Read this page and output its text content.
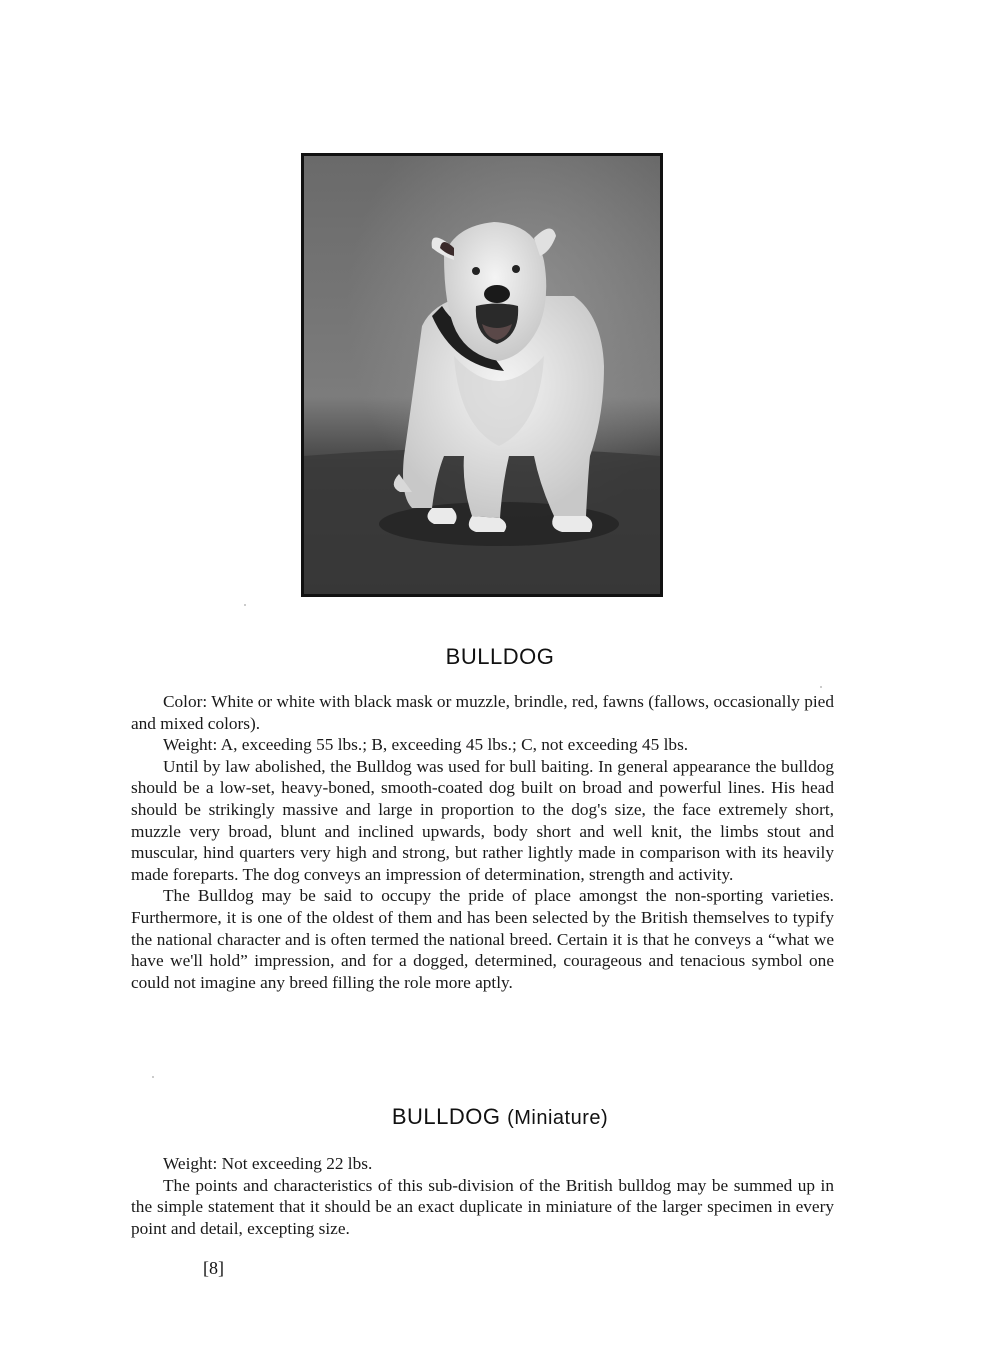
BULLDOG

Color: White or white with black mask or muzzle, brindle, red, fawns (fallows, occasionally pied and mixed colors).

Weight: A, exceeding 55 lbs.; B, exceeding 45 lbs.; C, not exceeding 45 lbs.

Until by law abolished, the Bulldog was used for bull baiting. In general appearance the bulldog should be a low-set, heavy-boned, smooth-coated dog built on broad and powerful lines. His head should be strikingly massive and large in proportion to the dog's size, the face extremely short, muzzle very broad, blunt and inclined upwards, body short and well knit, the limbs stout and muscular, hind quarters very high and strong, but rather lightly made in comparison with its heavily made foreparts. The dog conveys an impression of determination, strength and activity.

The Bulldog may be said to occupy the pride of place amongst the non-sporting varieties. Furthermore, it is one of the oldest of them and has been selected by the British themselves to typify the national character and is often termed the national breed. Certain it is that he conveys a “what we have we'll hold” impression, and for a dogged, determined, courageous and tenacious symbol one could not imagine any breed filling the role more aptly.

BULLDOG (Miniature)

Weight: Not exceeding 22 lbs.

The points and characteristics of this sub-division of the British bulldog may be summed up in the simple statement that it should be an exact duplicate in miniature of the larger specimen in every point and detail, excepting size.

[8]
